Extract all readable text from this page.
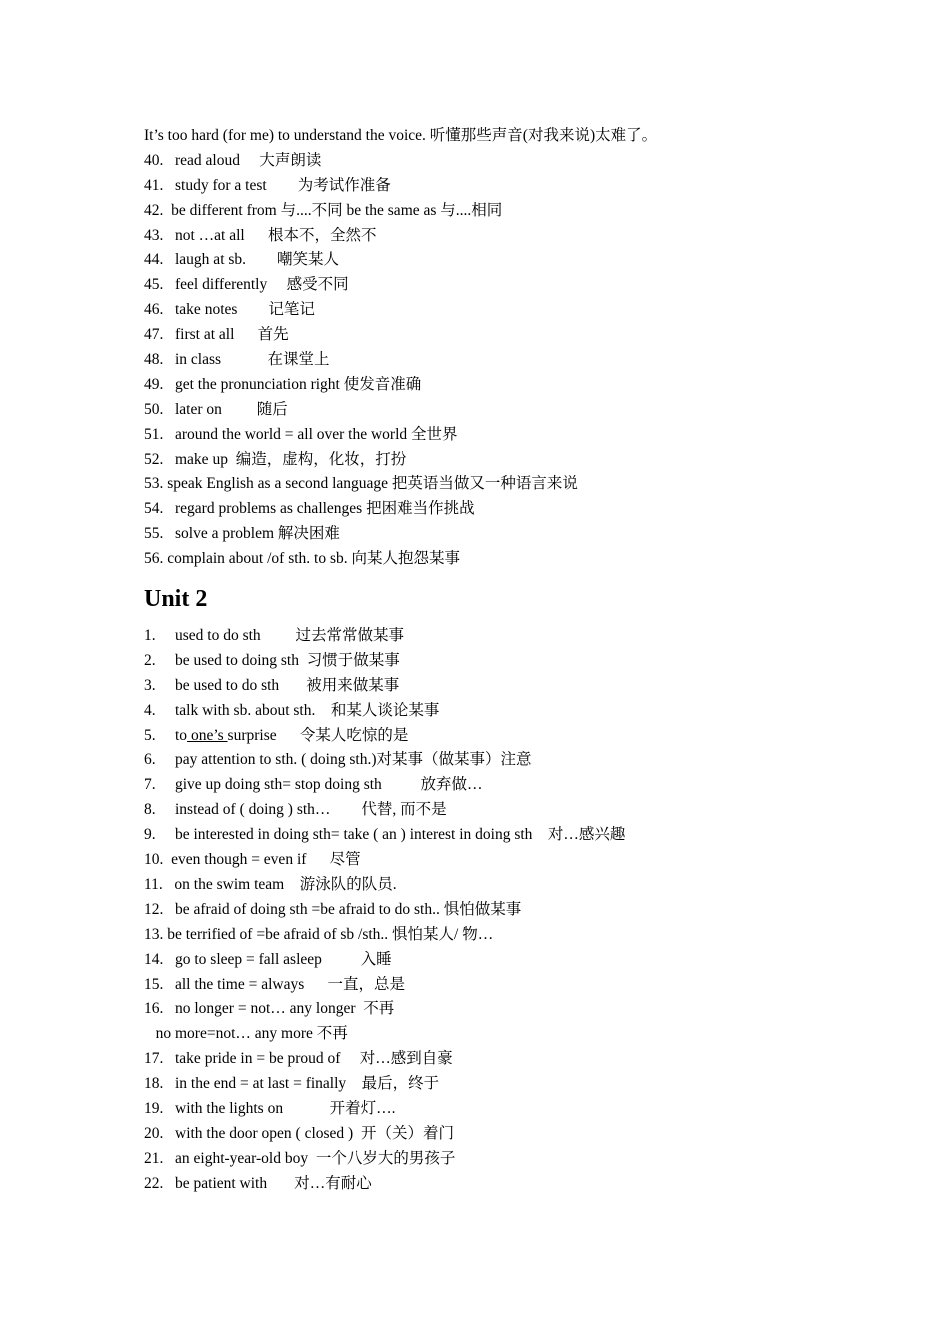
It’s too hard (for me) to understand the voice. 听懂那些声音(对我来说)太难了。
40.   read aloud     大声朗读
41.   study for a test        为考试作准备
42.  be different from 与....不同 be the same as 与....相同
43.   not …at all      根本不，全然不
44.   laugh at sb.        嘲笑某人
45.   feel differently     感受不同
46.   take notes        记笔记
47.   first at all      首先
48.   in class            在课堂上
49.   get the pronunciation right 使发音准确
50.   later on         随后
51.   around the world = all over the world 全世界
52.   make up  编造，虚构，化妆，打扮
53. speak English as a second language 把英语当做又一种语言来说
54.   regard problems as challenges 把困难当作挑战
55.   solve a problem 解决困难
56. complain about /of sth. to sb. 向某人抱怨某事
Unit 2
1.     used to do sth         过去常常做某事
2.     be used to doing sth  习惯于做某事
3.     be used to do sth       被用来做某事
4.     talk with sb. about sth.    和某人谈论某事
5.     to one’s surprise      令某人吃惊的是
6.     pay attention to sth. ( doing sth.)对某事（做某事）注意
7.     give up doing sth= stop doing sth          放弃做…
8.     instead of ( doing ) sth…        代替, 而不是
9.     be interested in doing sth= take ( an ) interest in doing sth    对…感兴趣
10.  even though = even if      尽管
11.   on the swim team    游泳队的队员.
12.   be afraid of doing sth =be afraid to do sth.. 惧怕做某事
13. be terrified of =be afraid of sb /sth.. 惧怕某人/ 物…
14.   go to sleep = fall asleep          入睡
15.   all the time = always      一直，总是
16.   no longer = not… any longer  不再
no more=not… any more 不再
17.   take pride in = be proud of     对…感到自豪
18.   in the end = at last = finally    最后，终于
19.   with the lights on            开着灯….
20.   with the door open ( closed )  开（关）着门
21.   an eight-year-old boy  一个八岁大的男孩子
22.   be patient with       对…有耐心
